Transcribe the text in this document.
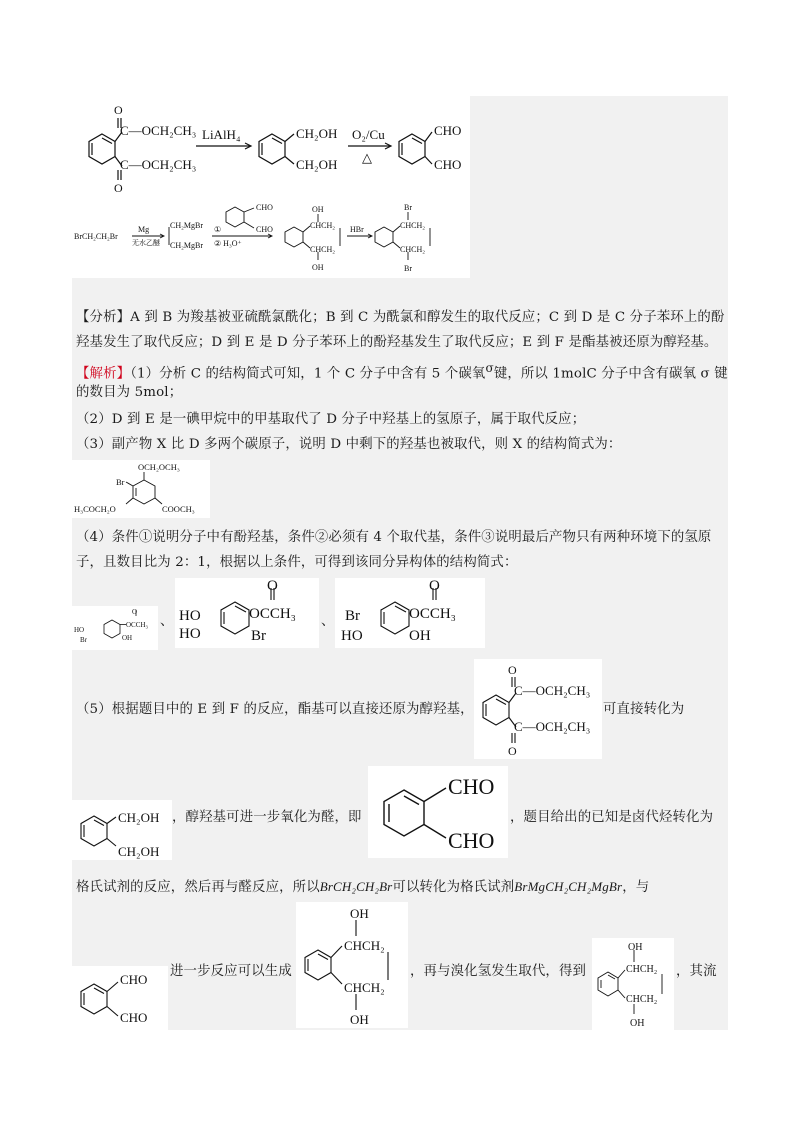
O
O
C—OCH₂CH₃
C—OCH₂CH₃
LiAlH₄	CH₂OH
CH₂OH
O₂/Cu
△
CHO
CHO
BrCH₂CH₂Br
Mg
无水乙醚
CH₂MgBr
CH₂MgBr
CHO
CHO
①
② H₃O⁺
OH
OH
CHCH₂
CHCH₂
HBr
Br
Br
CHCH₂
CHCH₂
【分析】A 到 B 为羧基被亚硫酰氯酰化；B 到 C 为酰氯和醇发生的取代反应；C 到 D 是 C 分子苯环上的酚
羟基发生了取代反应；D 到 E 是 D 分子苯环上的酚羟基发生了取代反应；E 到 F 是酯基被还原为醇羟基。
【解析】（1）分析 C 的结构简式可知，1 个 C 分子中含有 5 个碳氧$^\sigma$键，所以 1molC 分子中含有碳氧 σ 键
的数目为 5mol；
（2）D 到 E 是一碘甲烷中的甲基取代了 D 分子中羟基上的氢原子，属于取代反应；
（3）副产物 X 比 D 多两个碳原子，说明 D 中剩下的羟基也被取代，则 X 的结构简式为：
OCH₂OCH₃
Br
H₃COCH₂O	COOCH₃
（4）条件①说明分子中有酚羟基，条件②必须有 4 个取代基，条件③说明最后产物只有两种环境下的氢原
子，且数目比为 2：1，根据以上条件，可得到该同分异构体的结构简式：
HO
Br
O
OCCH₃
OH
、 HO
HO
O
OCCH₃
Br
、 Br
HO
O
OCCH₃
OH
（5）根据题目中的 E 到 F 的反应，酯基可以直接还原为醇羟基，
O
O
C—OCH₂CH₃
C—OCH₂CH₃
可直接转化为
CH₂OH
CH₂OH
，醇羟基可进一步氧化为醛，即
CHO
CHO
，题目给出的已知是卤代烃转化为
格氏试剂的反应，然后再与醛反应，所以BrCH₂CH₂Br可以转化为格氏试剂BrMgCH₂CH₂MgBr，与
CHO
CHO
进一步反应可以生成
OH
OH
CHCH₂
CHCH₂
，再与溴化氢发生取代，得到
OH
OH
CHCH₂
CHCH₂
，其流
